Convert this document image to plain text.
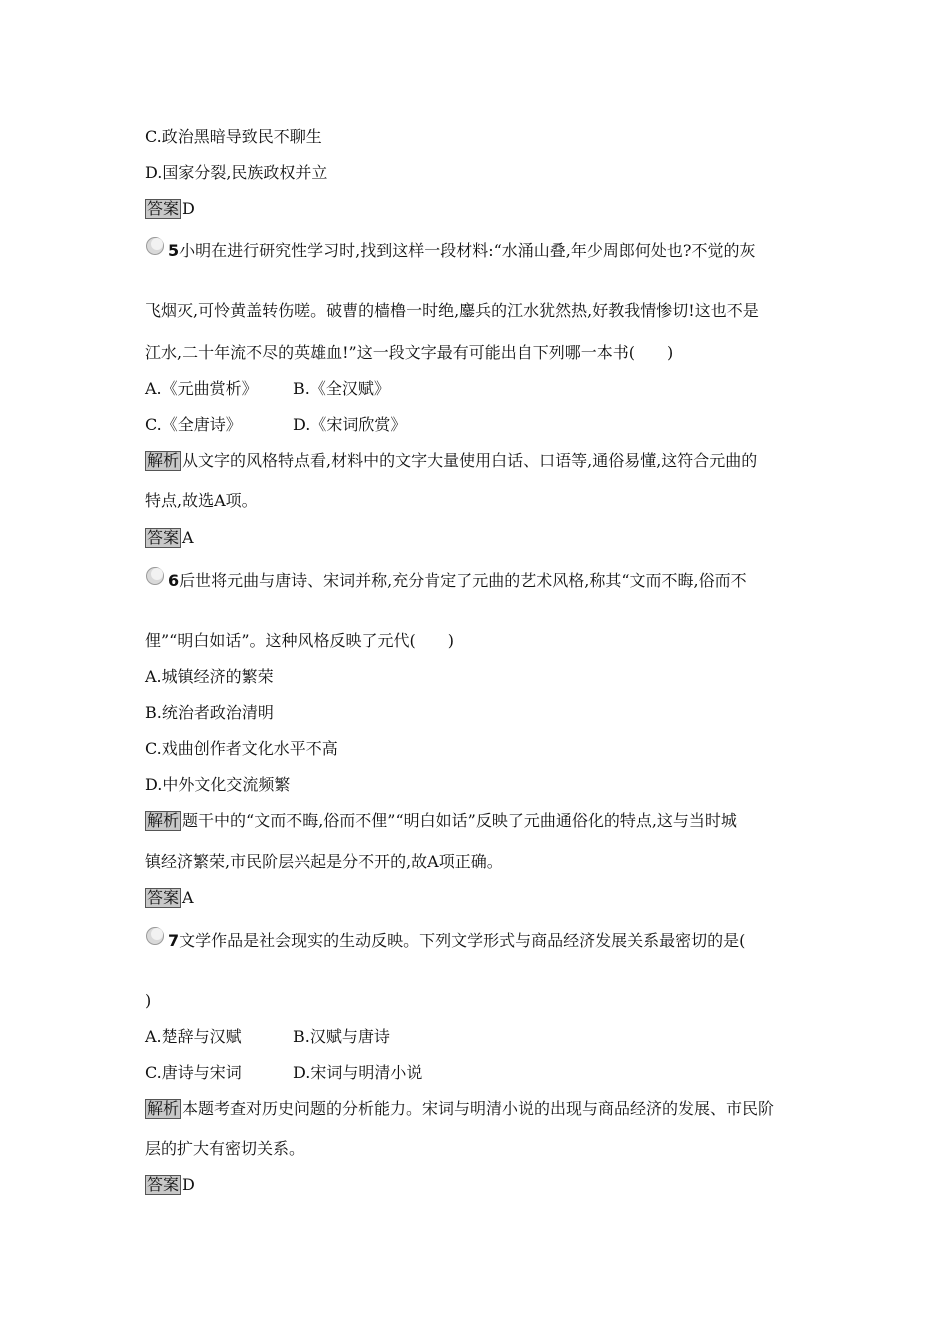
C.政治黑暗导致民不聊生
D.国家分裂,民族政权并立
答案 D
5小明在进行研究性学习时,找到这样一段材料:“水涌山叠,年少周郎何处也?不觉的灰
飞烟灭,可怜黄盖转伤嗟。破曹的樯橹一时绝,鏖兵的江水犹然热,好教我情惨切!这也不是
江水,二十年流不尽的英雄血!”这一段文字最有可能出自下列哪一本书(　　)
A.《元曲赏析》 B.《全汉赋》
C.《全唐诗》	D.《宋词欣赏》
解析 从文字的风格特点看,材料中的文字大量使用白话、口语等,通俗易懂,这符合元曲的
特点,故选A项。
答案 A
6后世将元曲与唐诗、宋词并称,充分肯定了元曲的艺术风格,称其“文而不晦,俗而不
俚”“明白如话”。这种风格反映了元代(　　)
A.城镇经济的繁荣
B.统治者政治清明
C.戏曲创作者文化水平不高
D.中外文化交流频繁
解析 题干中的“文而不晦,俗而不俚”“明白如话”反映了元曲通俗化的特点,这与当时城
镇经济繁荣,市民阶层兴起是分不开的,故A项正确。
答案 A
7文学作品是社会现实的生动反映。下列文学形式与商品经济发展关系最密切的是(
)
A.楚辞与汉赋	B.汉赋与唐诗
C.唐诗与宋词	D.宋词与明清小说
解析 本题考查对历史问题的分析能力。宋词与明清小说的出现与商品经济的发展、市民阶
层的扩大有密切关系。
答案 D
